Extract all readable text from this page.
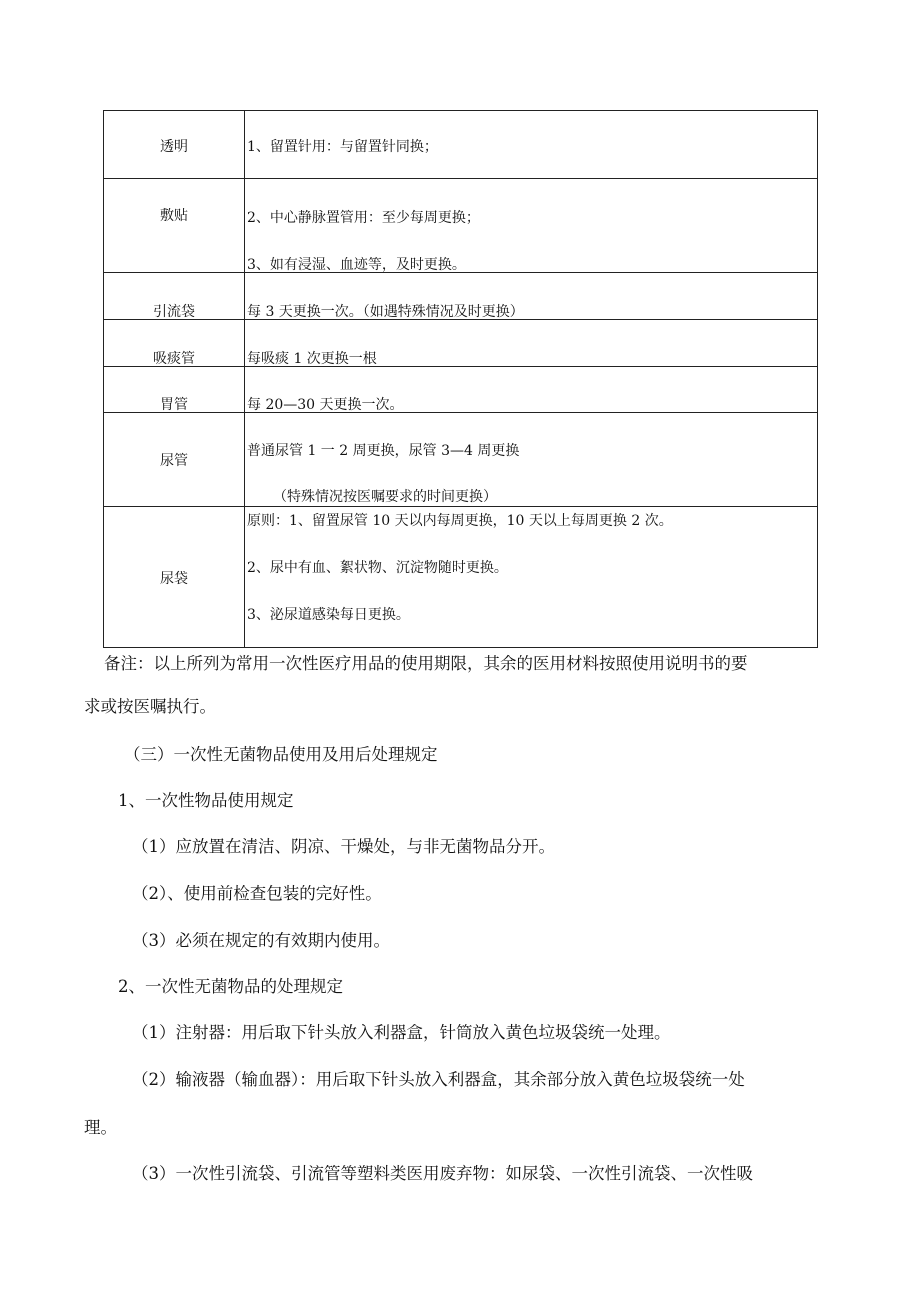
透明	1、留置针用：与留置针同换；

敷贴	2、中心静脉置管用：至少每周更换；
3、如有浸湿、血迹等，及时更换。

引流袋	每 3 天更换一次。（如遇特殊情况及时更换）

吸痰管	每吸痰 1 次更换一根

胃管	每 20—30 天更换一次。

尿管	普通尿管 1 一 2 周更换，尿管 3—4 周更换
（特殊情况按医嘱要求的时间更换）

尿袋	原则：1、留置尿管 10 天以内每周更换，10 天以上每周更换 2 次。
2、尿中有血、絮状物、沉淀物随时更换。
3、泌尿道感染每日更换。
备注：以上所列为常用一次性医疗用品的使用期限，其余的医用材料按照使用说明书的要
求或按医嘱执行。
（三）一次性无菌物品使用及用后处理规定
1、一次性物品使用规定
（1）应放置在清洁、阴凉、干燥处，与非无菌物品分开。
（2）、使用前检查包装的完好性。
（3）必须在规定的有效期内使用。
2、一次性无菌物品的处理规定
（1）注射器：用后取下针头放入利器盒，针筒放入黄色垃圾袋统一处理。
（2）输液器（输血器）：用后取下针头放入利器盒，其余部分放入黄色垃圾袋统一处
理。
（3）一次性引流袋、引流管等塑料类医用废弃物：如尿袋、一次性引流袋、一次性吸
